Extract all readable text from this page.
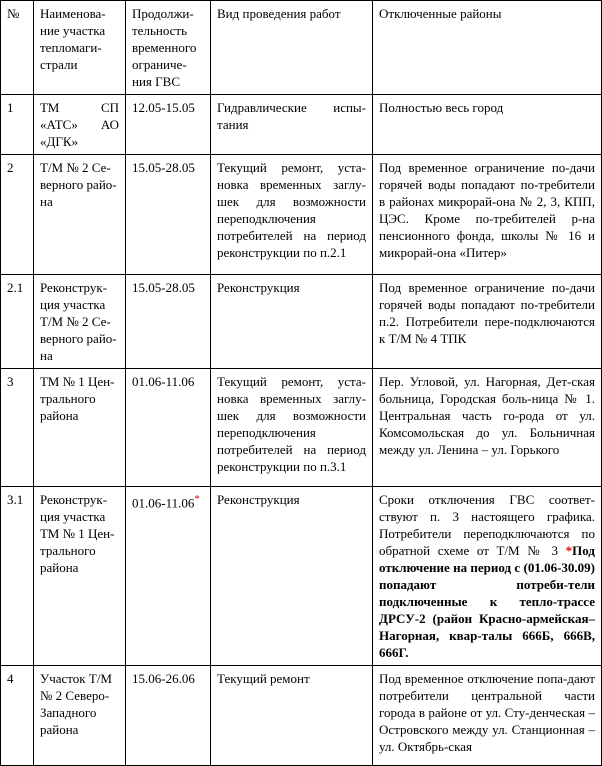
№	Наименова-ние участка тепломаги-страли	Продолжи-тельность временного ограниче-ния ГВС	Вид проведения работ	Отключенные районы
1	ТМ СП «АТС» АО «ДГК»	12.05-15.05	Гидравлические испы-тания	Полностью весь город
2	Т/М № 2 Се-верного райо-на	15.05-28.05	Текущий ремонт, уста-новка временных заглу-шек для возможности переподключения потребителей на период реконструкции по п.2.1	Под временное ограничение по-дачи горячей воды попадают по-требители в районах микрорай-она № 2, 3, КПП, ЦЭС. Кроме по-требителей р-на пенсионного фонда, школы № 16 и микрорай-она «Питер»
2.1	Реконструк-ция участка Т/М № 2 Се-верного райо-на	15.05-28.05	Реконструкция	Под временное ограничение по-дачи горячей воды попадают по-требители п.2. Потребители пере-подключаются к Т/М № 4 ТПК
3	ТМ № 1 Цен-трального района	01.06-11.06	Текущий ремонт, уста-новка временных заглу-шек для возможности переподключения потребителей на период реконструкции по п.3.1	Пер. Угловой, ул. Нагорная, Дет-ская больница, Городская боль-ница № 1. Центральная часть го-рода от ул. Комсомольская до ул. Больничная между ул. Ленина – ул. Горького
3.1	Реконструк-ция участка ТМ № 1 Цен-трального района	01.06-11.06*	Реконструкция	Сроки отключения ГВС соответ-ствуют п. 3 настоящего графика. Потребители переподключаются по обратной схеме от Т/М № 3 *Под отключение на период с (01.06-30.09) попадают потреби-тели подключенные к тепло-трассе ДРСУ-2 (район Красно-армейская–Нагорная, квар-талы 666Б, 666В, 666Г.
4	Участок Т/М № 2 Северо-Западного района	15.06-26.06	Текущий ремонт	Под временное отключение попа-дают потребители центральной части города в районе от ул. Сту-денческая – Островского между ул. Станционная – ул. Октябрь-ская
